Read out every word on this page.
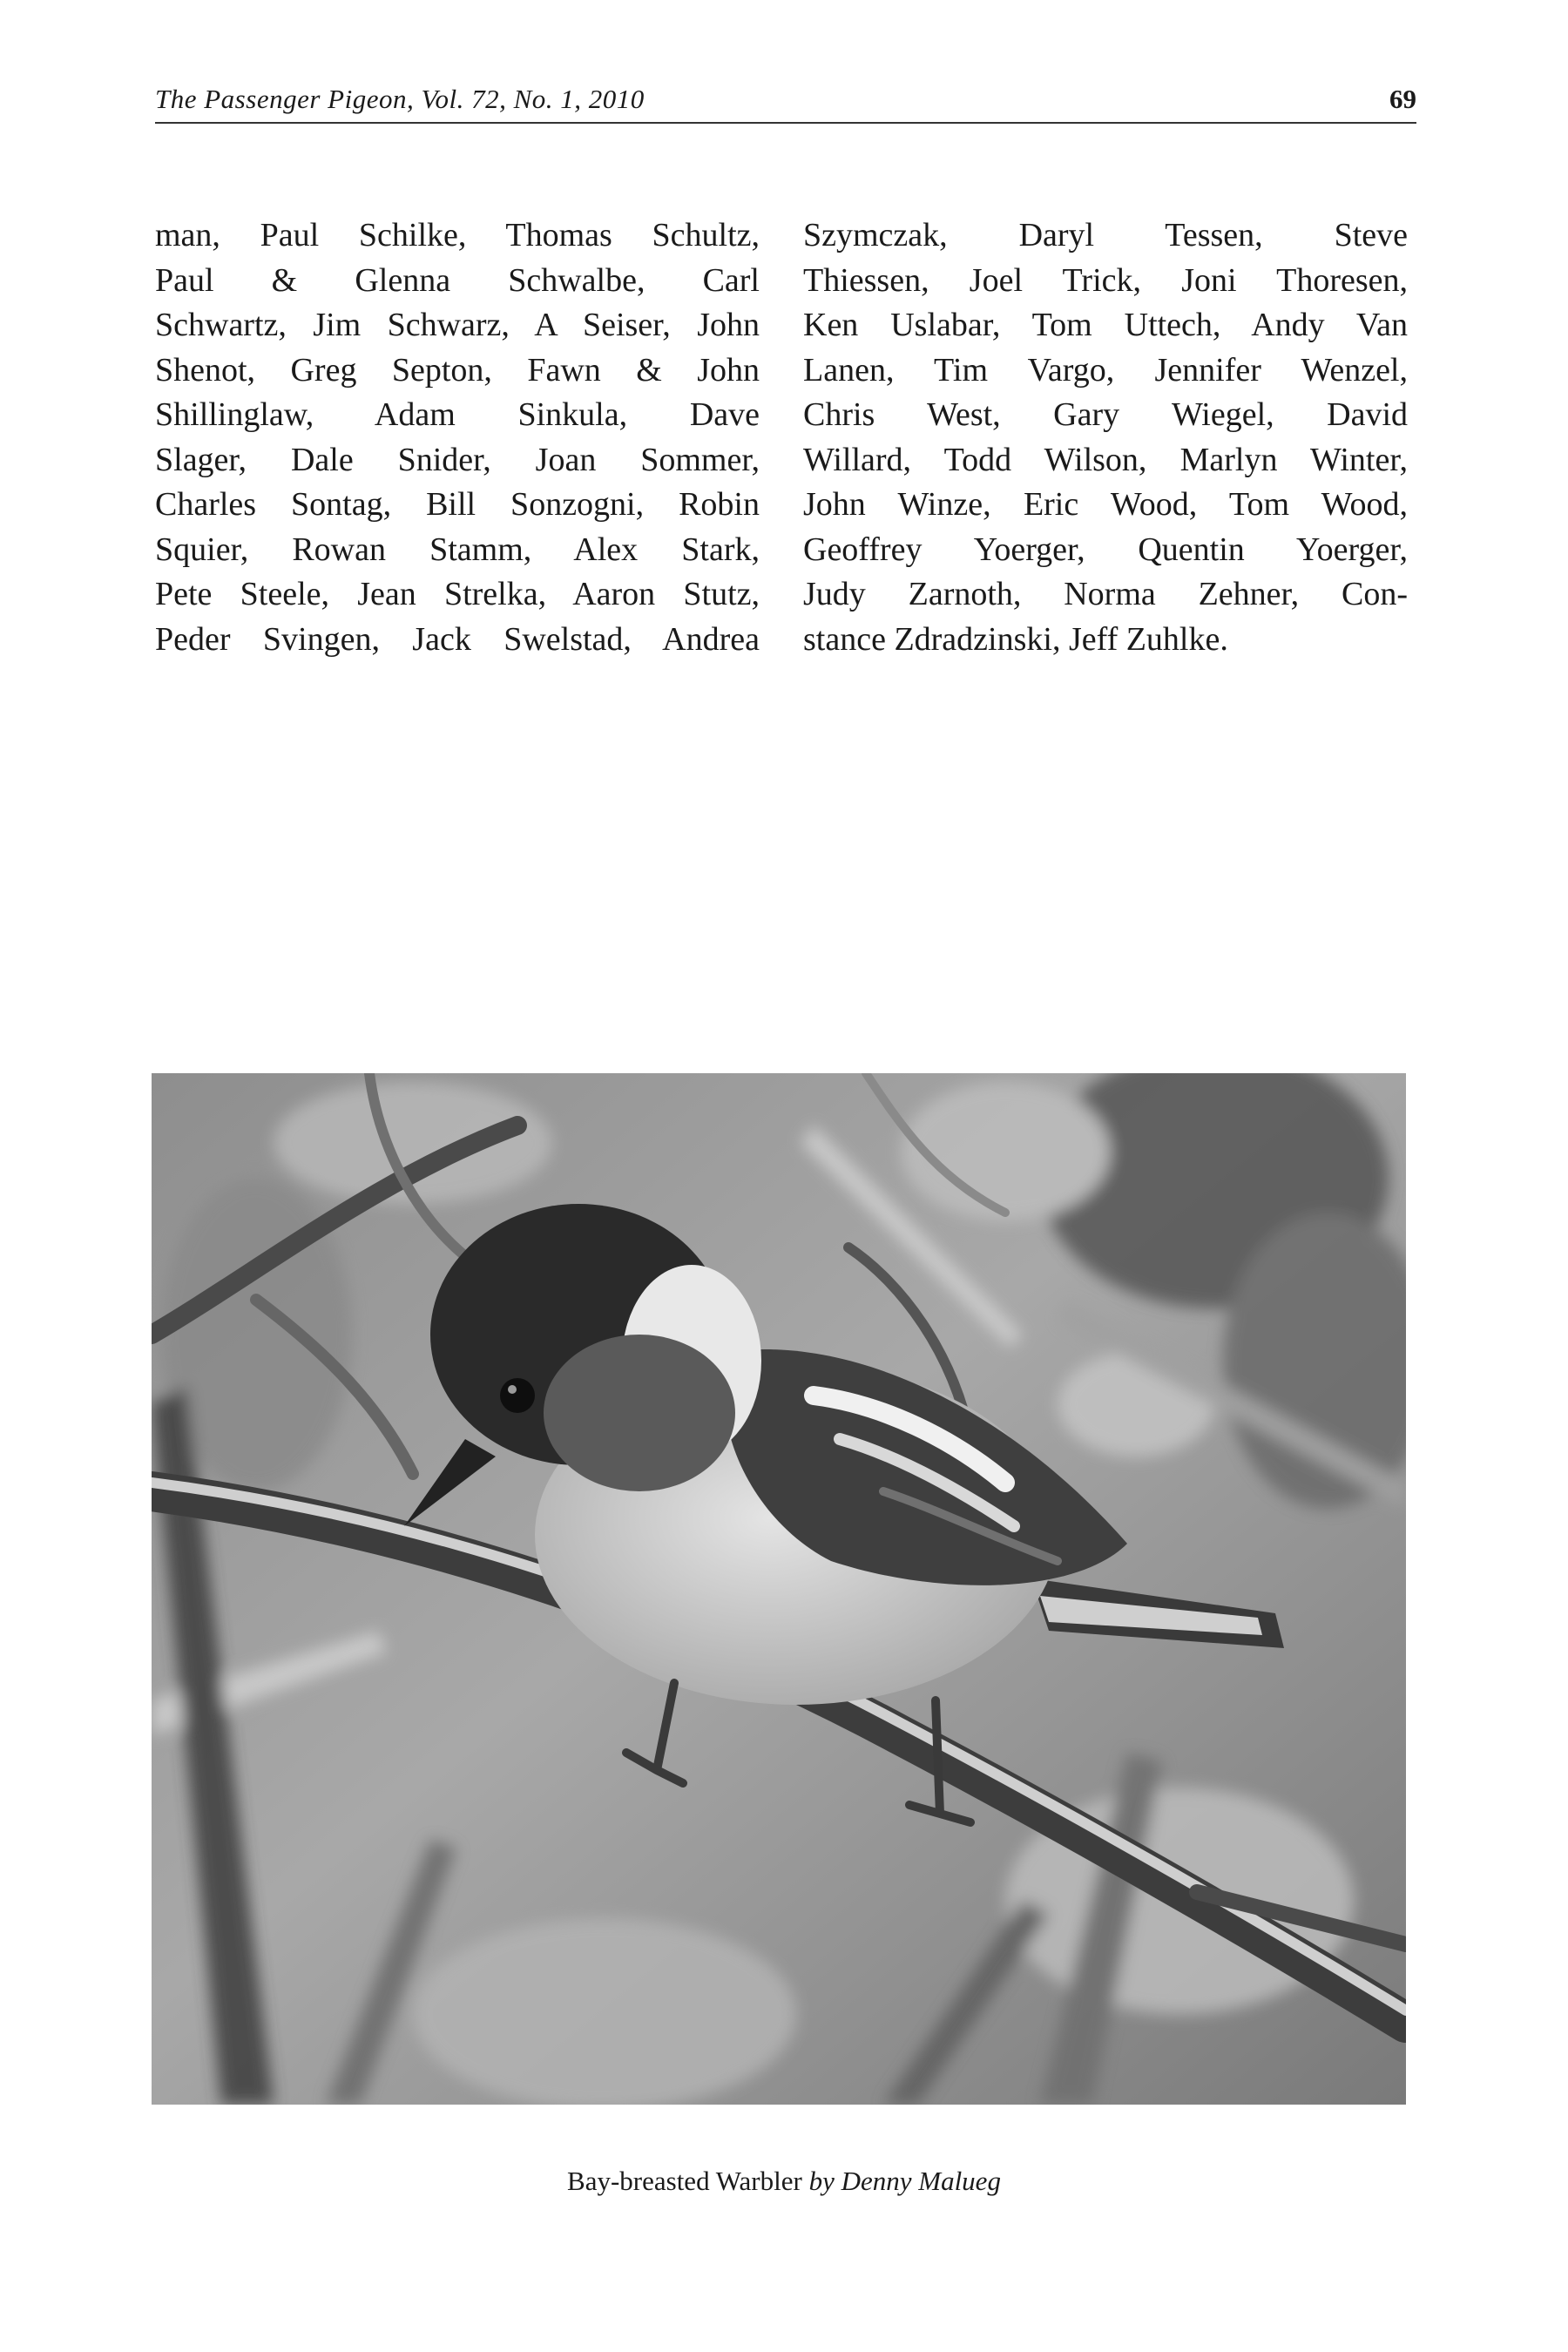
The Passenger Pigeon, Vol. 72, No. 1, 2010	69
man, Paul Schilke, Thomas Schultz,
Paul & Glenna Schwalbe, Carl
Schwartz, Jim Schwarz, A Seiser, John
Shenot, Greg Septon, Fawn & John
Shillinglaw, Adam Sinkula, Dave
Slager, Dale Snider, Joan Sommer,
Charles Sontag, Bill Sonzogni, Robin
Squier, Rowan Stamm, Alex Stark,
Pete Steele, Jean Strelka, Aaron Stutz,
Peder Svingen, Jack Swelstad, Andrea
Szymczak, Daryl Tessen, Steve
Thiessen, Joel Trick, Joni Thoresen,
Ken Uslabar, Tom Uttech, Andy Van
Lanen, Tim Vargo, Jennifer Wenzel,
Chris West, Gary Wiegel, David
Willard, Todd Wilson, Marlyn Winter,
John Winze, Eric Wood, Tom Wood,
Geoffrey Yoerger, Quentin Yoerger,
Judy Zarnoth, Norma Zehner, Con-
stance Zdradzinski, Jeff Zuhlke.
Bay-breasted Warbler by Denny Malueg
